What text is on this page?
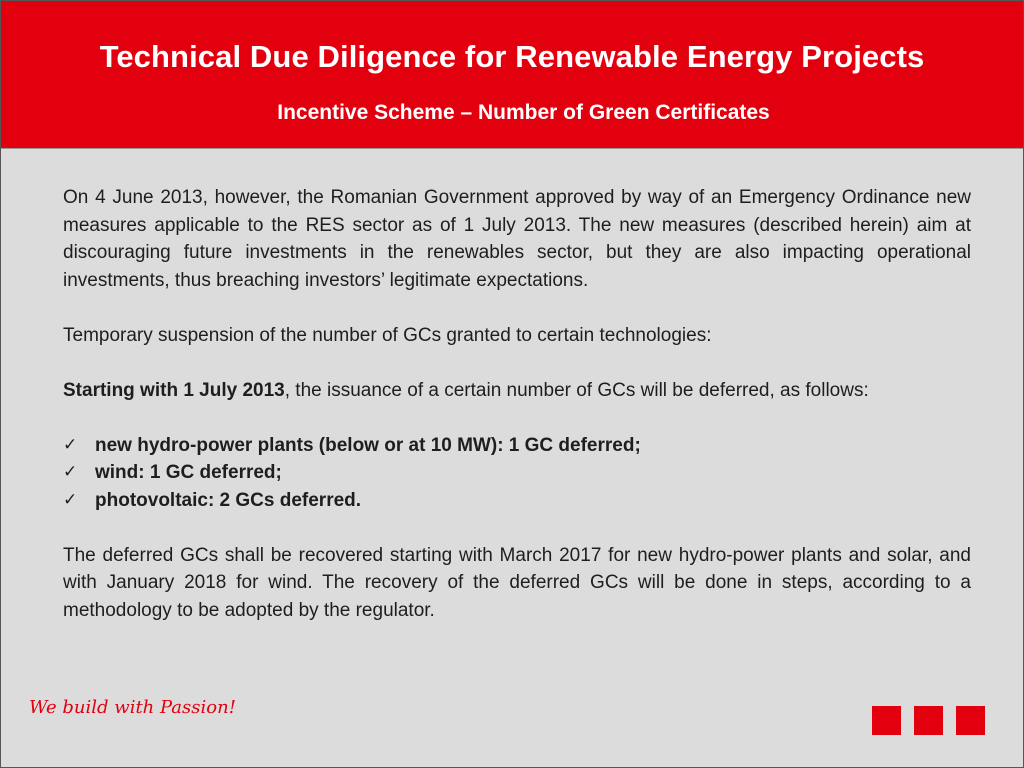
Technical Due Diligence for Renewable Energy Projects
Incentive Scheme – Number of Green Certificates

On 4 June 2013, however, the Romanian Government approved by way of an Emergency Ordinance new measures applicable to the RES sector as of 1 July 2013. The new measures (described herein) aim at discouraging future investments in the renewables sector, but they are also impacting operational investments, thus breaching investors’ legitimate expectations.

Temporary suspension of the number of GCs granted to certain technologies:

Starting with 1 July 2013, the issuance of a certain number of GCs will be deferred, as follows:

✓ new hydro-power plants (below or at 10 MW): 1 GC deferred;
✓ wind: 1 GC deferred;
✓ photovoltaic: 2 GCs deferred.

The deferred GCs shall be recovered starting with March 2017 for new hydro-power plants and solar, and with January 2018 for wind. The recovery of the deferred GCs will be done in steps, according to a methodology to be adopted by the regulator.

We build with Passion!
